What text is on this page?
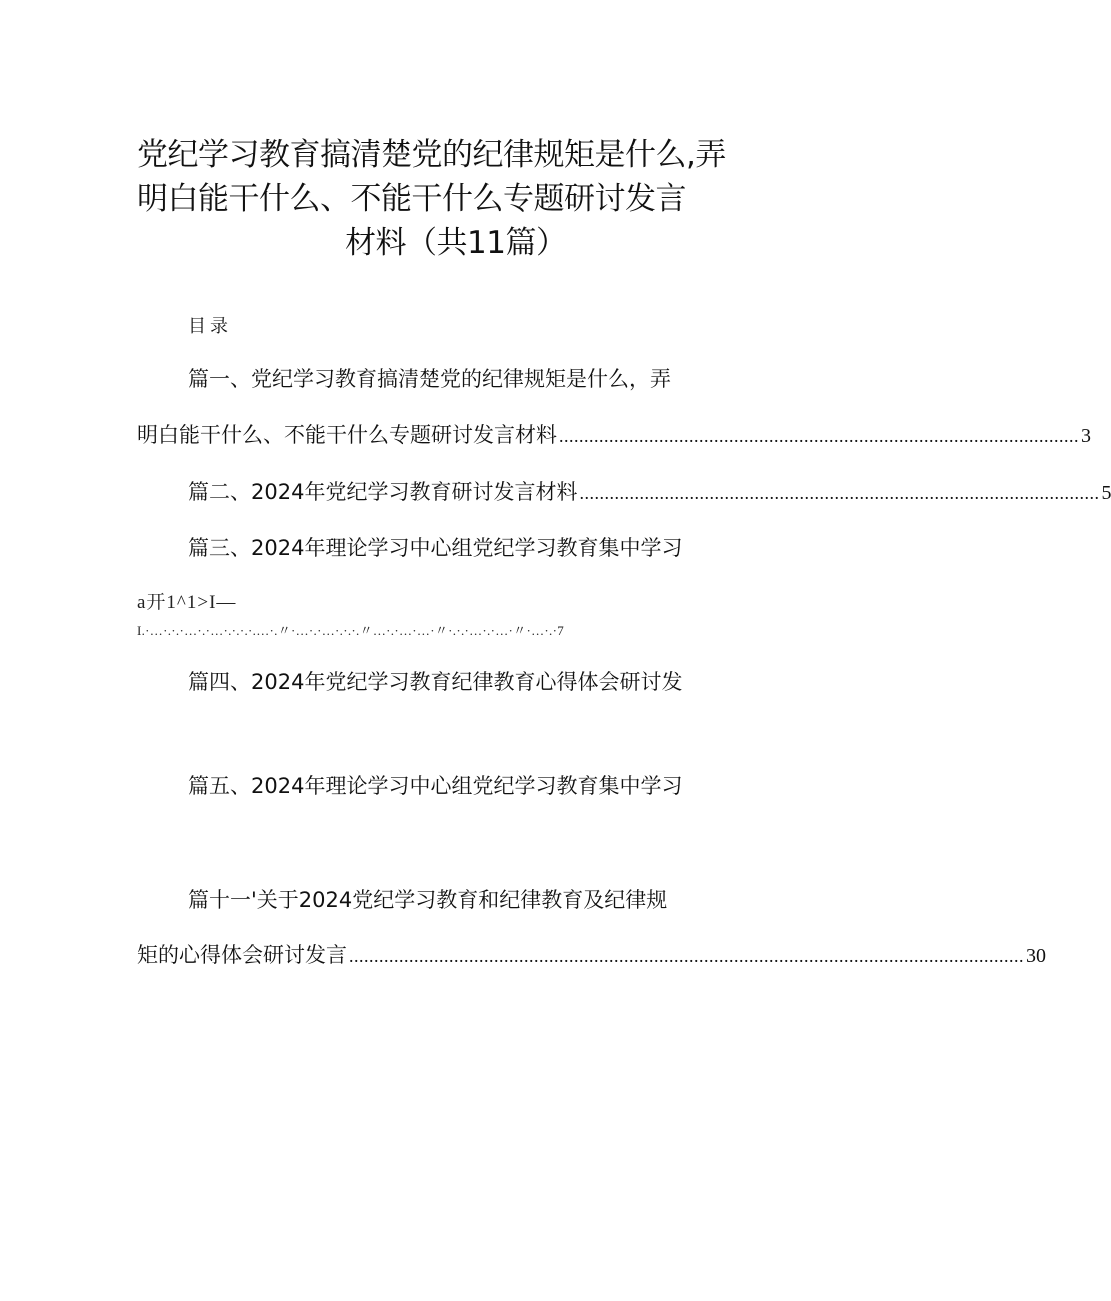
党纪学习教育搞清楚党的纪律规矩是什么,弄
明白能干什么、不能干什么专题研讨发言
材料（共11篇）
目录
篇一、党纪学习教育搞清楚党的纪律规矩是什么，弄
明白能干什么、不能干什么专题研讨发言材料 ........................................................................................................ 3
篇二、2024年党纪学习教育研讨发言材料 ........................................................................................................ 5
篇三、2024年理论学习中心组党纪学习教育集中学习
a开1^1>I—
I.·…·.·.·…·.·…·.·.·.·.…·.〃·…·.·…·.·.·.〃…·.·…·…·〃·.·.·…·.·…·〃·…·.·7
篇四、2024年党纪学习教育纪律教育心得体会研讨发
篇五、2024年理论学习中心组党纪学习教育集中学习
篇十一'关于2024党纪学习教育和纪律教育及纪律规
矩的心得体会研讨发言 ....................................................................................................................................... 30
